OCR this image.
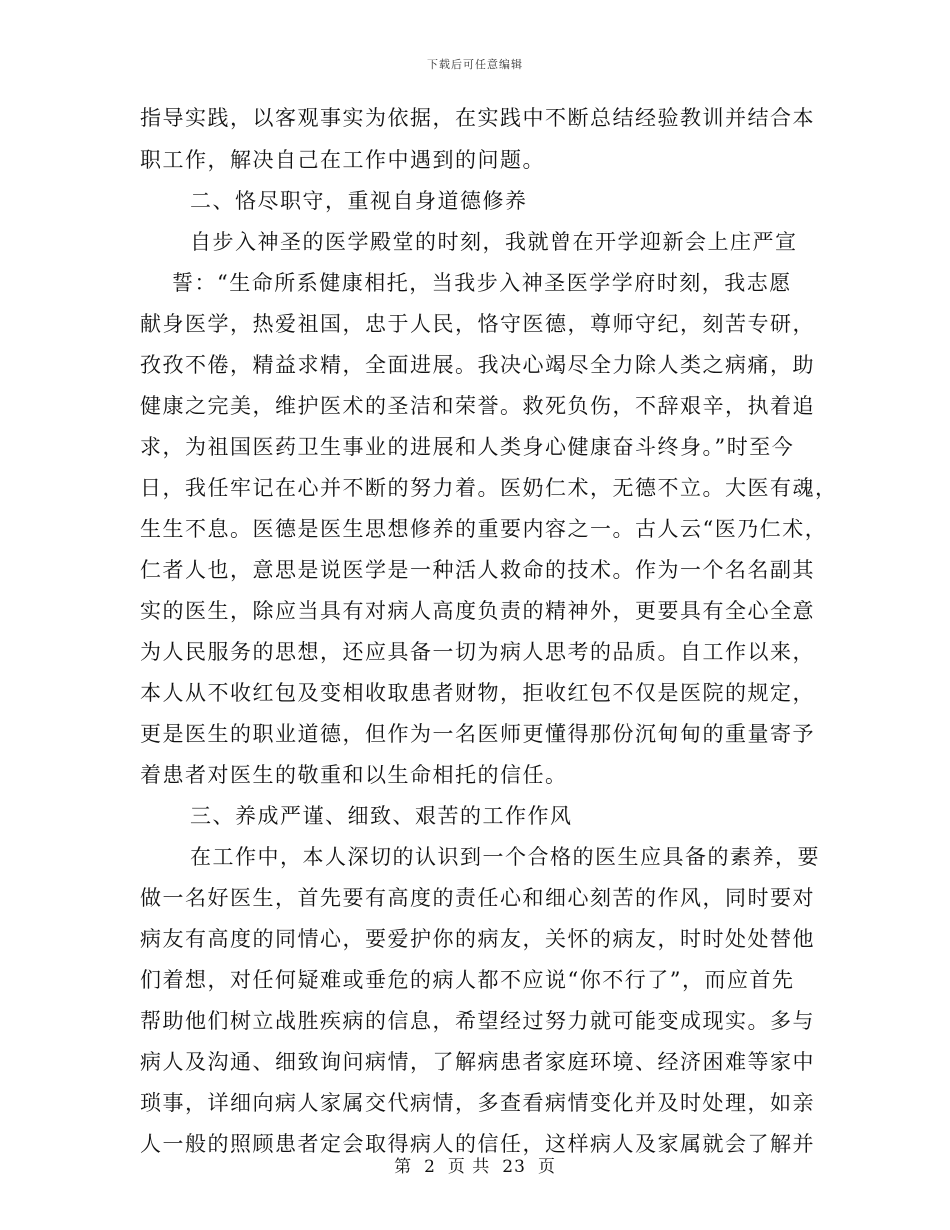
下载后可任意编辑
指导实践，以客观事实为依据，在实践中不断总结经验教训并结合本
职工作，解决自己在工作中遇到的问题。
二、恪尽职守，重视自身道德修养
自步入神圣的医学殿堂的时刻，我就曾在开学迎新会上庄严宣
誓：“生命所系健康相托，当我步入神圣医学学府时刻，我志愿
献身医学，热爱祖国，忠于人民，恪守医德，尊师守纪，刻苦专研，
孜孜不倦，精益求精，全面进展。我决心竭尽全力除人类之病痛，助
健康之完美，维护医术的圣洁和荣誉。救死负伤，不辞艰辛，执着追
求，为祖国医药卫生事业的进展和人类身心健康奋斗终身。”时至今
日，我任牢记在心并不断的努力着。医奶仁术，无德不立。大医有魂，
生生不息。医德是医生思想修养的重要内容之一。古人云“医乃仁术，
仁者人也，意思是说医学是一种活人救命的技术。作为一个名名副其
实的医生，除应当具有对病人高度负责的精神外，更要具有全心全意
为人民服务的思想，还应具备一切为病人思考的品质。自工作以来，
本人从不收红包及变相收取患者财物，拒收红包不仅是医院的规定，
更是医生的职业道德，但作为一名医师更懂得那份沉甸甸的重量寄予
着患者对医生的敬重和以生命相托的信任。
三、养成严谨、细致、艰苦的工作作风
在工作中，本人深切的认识到一个合格的医生应具备的素养，要
做一名好医生，首先要有高度的责任心和细心刻苦的作风，同时要对
病友有高度的同情心，要爱护你的病友，关怀的病友，时时处处替他
们着想，对任何疑难或垂危的病人都不应说“你不行了”，而应首先
帮助他们树立战胜疾病的信息，希望经过努力就可能变成现实。多与
病人及沟通、细致询问病情，了解病患者家庭环境、经济困难等家中
琐事，详细向病人家属交代病情，多查看病情变化并及时处理，如亲
人一般的照顾患者定会取得病人的信任，这样病人及家属就会了解并
第 2 页 共 23 页
